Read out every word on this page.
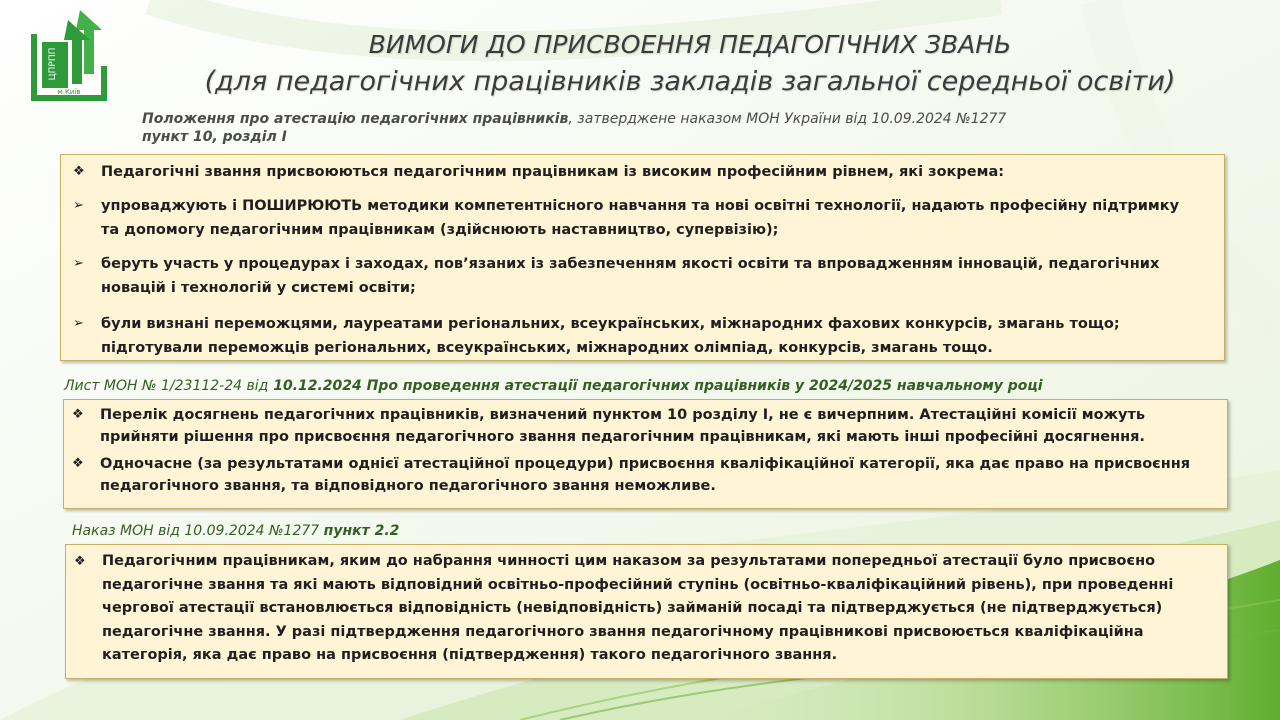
ЦПРПП
м.Київ
ВИМОГИ ДО ПРИСВОЕННЯ ПЕДАГОГІЧНИХ ЗВАНЬ
(для педагогічних працівників закладів загальної середньої освіти)
Положення про атестацію педагогічних працівників, затверджене наказом МОН України від 10.09.2024 №1277
пункт 10, розділ І
❖ Педагогічні звання присвоюються педагогічним працівникам із високим професійним рівнем, які зокрема:
➢ упроваджують і ПОШИРЮЮТЬ методики компетентнісного навчання та нові освітні технології, надають професійну підтримку
та допомогу педагогічним працівникам (здійснюють наставництво, супервізію);
➢ беруть участь у процедурах і заходах, пов’язаних із забезпеченням якості освіти та впровадженням інновацій, педагогічних
новацій і технологій у системі освіти;
➢ були визнані переможцями, лауреатами регіональних, всеукраїнських, міжнародних фахових конкурсів, змагань тощо;
підготували переможців регіональних, всеукраїнських, міжнародних олімпіад, конкурсів, змагань тощо.
Лист МОН № 1/23112-24 від 10.12.2024 Про проведення атестації педагогічних працівників у 2024/2025 навчальному році
❖ Перелік досягнень педагогічних працівників, визначений пунктом 10 розділу І, не є вичерпним. Атестаційні комісії можуть
прийняти рішення про присвоєння педагогічного звання педагогічним працівникам, які мають інші професійні досягнення.
❖ Одночасне (за результатами однієї атестаційної процедури) присвоєння кваліфікаційної категорії, яка дає право на присвоєння
педагогічного звання, та відповідного педагогічного звання неможливе.
Наказ МОН від 10.09.2024 №1277 пункт 2.2
❖ Педагогічним працівникам, яким до набрання чинності цим наказом за результатами попередньої атестації було присвоєно
педагогічне звання та які мають відповідний освітньо-професійний ступінь (освітньо-кваліфікаційний рівень), при проведенні
чергової атестації встановлюється відповідність (невідповідність) займаній посаді та підтверджується (не підтверджується)
педагогічне звання. У разі підтвердження педагогічного звання педагогічному працівникові присвоюється кваліфікаційна
категорія, яка дає право на присвоєння (підтвердження) такого педагогічного звання.
